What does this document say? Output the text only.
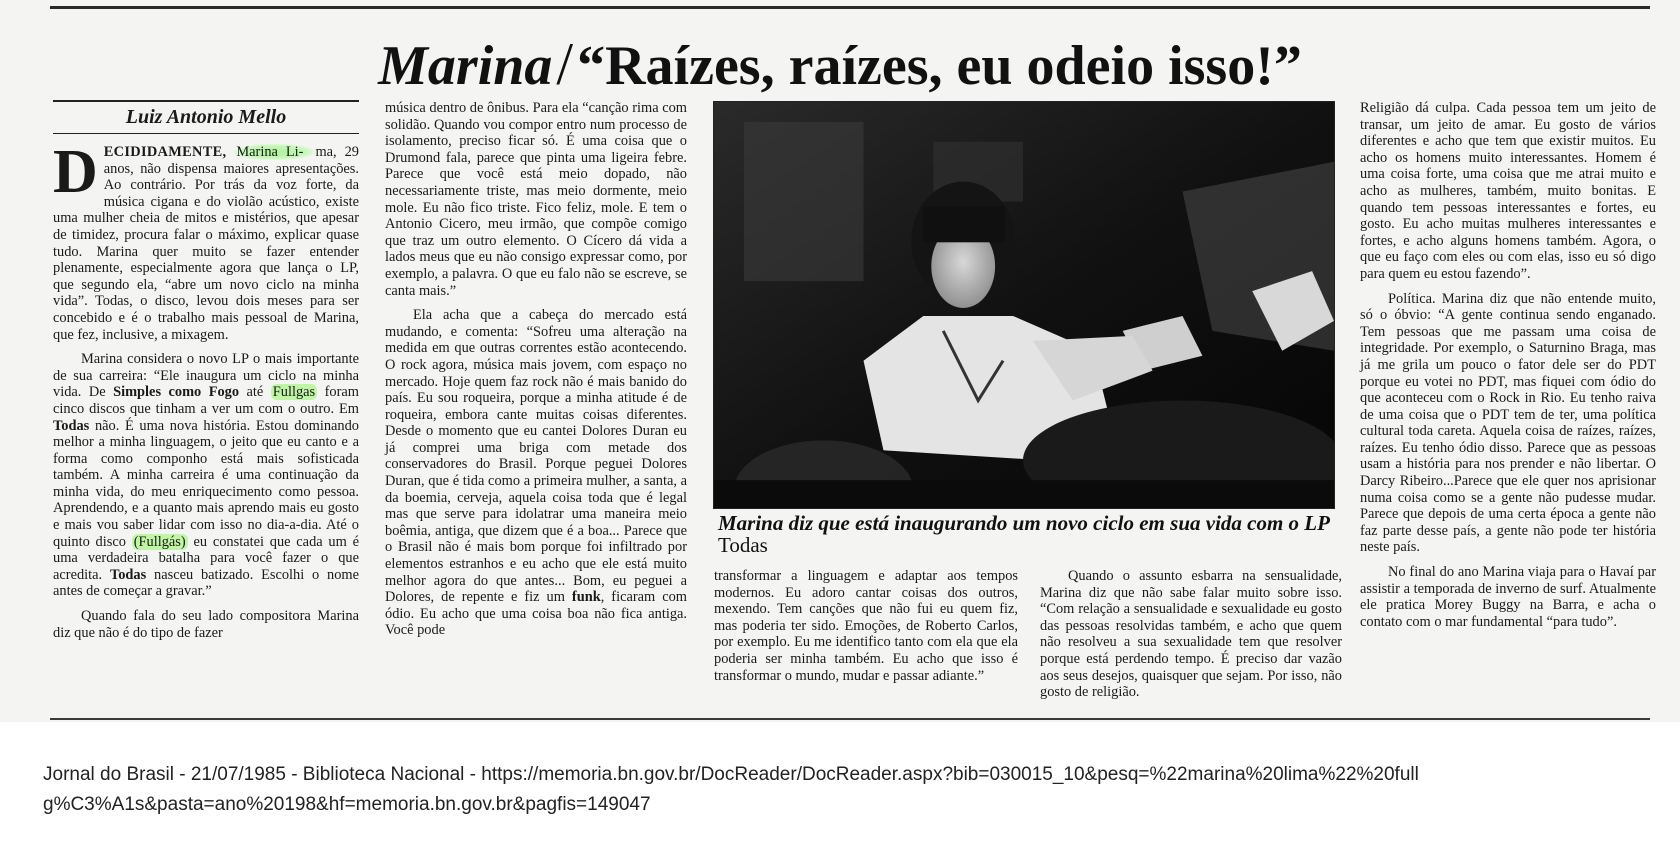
Marina/“Raízes, raízes, eu odeio isso!”
Luiz Antonio Mello

DECIDIDAMENTE, Marina Li- ma, 29 anos, não dispensa maiores apresentações. Ao contrário. Por trás da voz forte, da música cigana e do violão acústico, existe uma mulher cheia de mitos e mistérios, que apesar de timidez, procura falar o máximo, explicar quase tudo. Marina quer muito se fazer entender plenamente, especialmente agora que lança o LP, que segundo ela, “abre um novo ciclo na minha vida”. Todas, o disco, levou dois meses para ser concebido e é o trabalho mais pessoal de Marina, que fez, inclusive, a mixagem.

Marina considera o novo LP o mais importante de sua carreira: “Ele inaugura um ciclo na minha vida. De Simples como Fogo até Fullgas foram cinco discos que tinham a ver um com o outro. Em Todas não. É uma nova história. Estou dominando melhor a minha linguagem, o jeito que eu canto e a forma como componho está mais sofisticada também. A minha carreira é uma continuação da minha vida, do meu enriquecimento como pessoa. Aprendendo, e a quanto mais aprendo mais eu gosto e mais vou saber lidar com isso no dia-a-dia. Até o quinto disco (Fullgás) eu constatei que cada um é uma verdadeira batalha para você fazer o que acredita. Todas nasceu batizado. Escolhi o nome antes de começar a gravar.”

Quando fala do seu lado compositora Marina diz que não é do tipo de fazer

música dentro de ônibus. Para ela “canção rima com solidão. Quando vou compor entro num processo de isolamento, preciso ficar só. É uma coisa que o Drumond fala, parece que pinta uma ligeira febre. Parece que você está meio dopado, não necessariamente triste, mas meio dormente, meio mole. Eu não fico triste. Fico feliz, mole. E tem o Antonio Cicero, meu irmão, que compõe comigo que traz um outro elemento. O Cícero dá vida a lados meus que eu não consigo expressar como, por exemplo, a palavra. O que eu falo não se escreve, se canta mais.”

Ela acha que a cabeça do mercado está mudando, e comenta: “Sofreu uma alteração na medida em que outras correntes estão acontecendo. O rock agora, música mais jovem, com espaço no mercado. Hoje quem faz rock não é mais banido do país. Eu sou roqueira, porque a minha atitude é de roqueira, embora cante muitas coisas diferentes. Desde o momento que eu cantei Dolores Duran eu já comprei uma briga com metade dos conservadores do Brasil. Porque peguei Dolores Duran, que é tida como a primeira mulher, a santa, a da boemia, cerveja, aquela coisa toda que é legal mas que serve para idolatrar uma maneira meio boêmia, antiga, que dizem que é a boa... Parece que o Brasil não é mais bom porque foi infiltrado por elementos estranhos e eu acho que ele está muito melhor agora do que antes... Bom, eu peguei a Dolores, de repente e fiz um funk, ficaram com ódio. Eu acho que uma coisa boa não fica antiga. Você pode

Marina diz que está inaugurando um novo ciclo em sua vida com o LP Todas

transformar a linguagem e adaptar aos tempos modernos. Eu adoro cantar coisas dos outros, mexendo. Tem canções que não fui eu quem fiz, mas poderia ter sido. Emoções, de Roberto Carlos, por exemplo. Eu me identifico tanto com ela que ela poderia ser minha também. Eu acho que isso é transformar o mundo, mudar e passar adiante.”

Quando o assunto esbarra na sensualidade, Marina diz que não sabe falar muito sobre isso. “Com relação a sensualidade e sexualidade eu gosto das pessoas resolvidas também, e acho que quem não resolveu a sua sexualidade tem que resolver porque está perdendo tempo. É preciso dar vazão aos seus desejos, quaisquer que sejam. Por isso, não gosto de religião.

Religião dá culpa. Cada pessoa tem um jeito de transar, um jeito de amar. Eu gosto de vários diferentes e acho que tem que existir muitos. Eu acho os homens muito interessantes. Homem é uma coisa forte, uma coisa que me atrai muito e acho as mulheres, também, muito bonitas. E quando tem pessoas interessantes e fortes, eu gosto. Eu acho muitas mulheres interessantes e fortes, e acho alguns homens também. Agora, o que eu faço com eles ou com elas, isso eu só digo para quem eu estou fazendo”.

Política. Marina diz que não entende muito, só o óbvio: “A gente continua sendo enganado. Tem pessoas que me passam uma coisa de integridade. Por exemplo, o Saturnino Braga, mas já me grila um pouco o fator dele ser do PDT porque eu votei no PDT, mas fiquei com ódio do que aconteceu com o Rock in Rio. Eu tenho raiva de uma coisa que o PDT tem de ter, uma política cultural toda careta. Aquela coisa de raízes, raízes, raízes. Eu tenho ódio disso. Parece que as pessoas usam a história para nos prender e não libertar. O Darcy Ribeiro...Parece que ele quer nos aprisionar numa coisa como se a gente não pudesse mudar. Parece que depois de uma certa época a gente não faz parte desse país, a gente não pode ter história neste país.

No final do ano Marina viaja para o Havaí par assistir a temporada de inverno de surf. Atualmente ele pratica Morey Buggy na Barra, e acha o contato com o mar fundamental “para tudo”.

Jornal do Brasil - 21/07/1985 - Biblioteca Nacional - https://memoria.bn.gov.br/DocReader/DocReader.aspx?bib=030015_10&pesq=%22marina%20lima%22%20fullg%C3%A1s&pasta=ano%20198&hf=memoria.bn.gov.br&pagfis=149047
